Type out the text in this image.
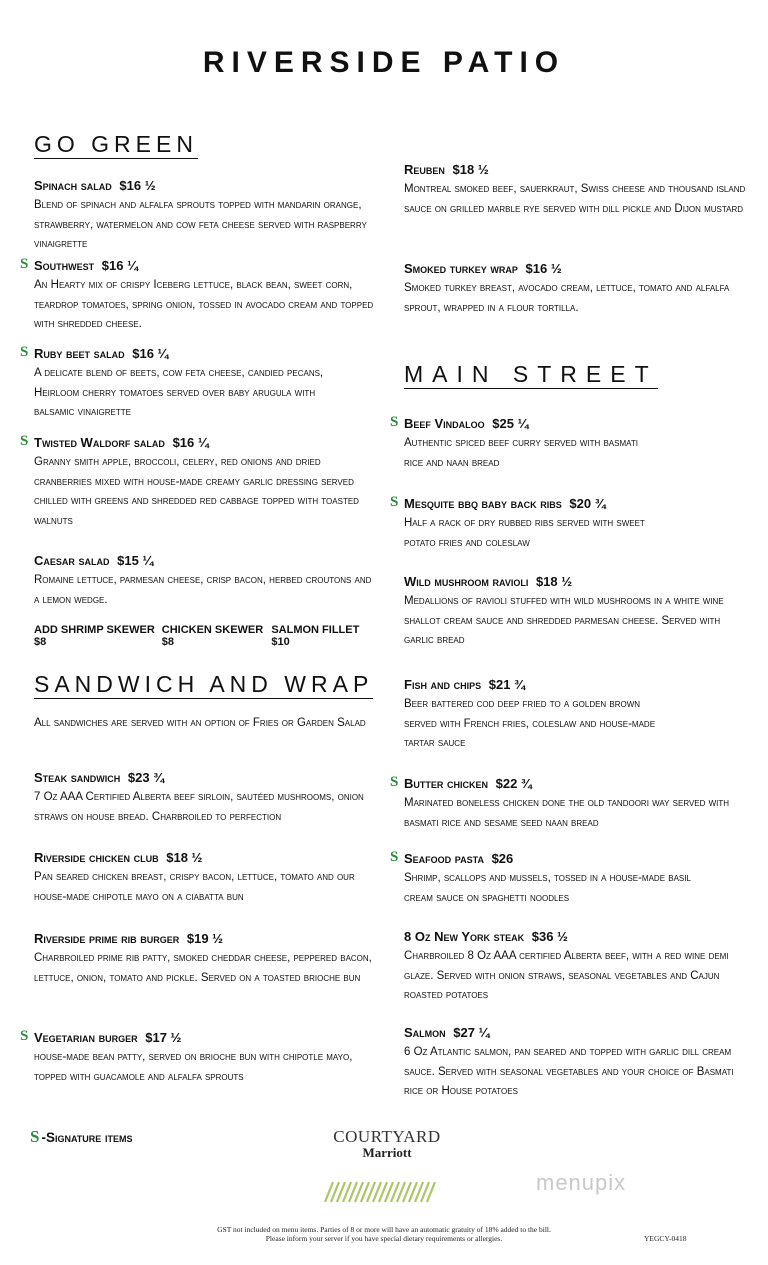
RIVERSIDE PATIO
GO GREEN
Spinach salad $16 ½
Blend of spinach and alfalfa sprouts topped with mandarin orange, strawberry, watermelon and cow feta cheese served with raspberry vinaigrette
S Southwest $16 ¼
An Hearty mix of crispy Iceberg lettuce, black bean, sweet corn, teardrop tomatoes, spring onion, tossed in avocado cream and topped with shredded cheese.
S Ruby beet salad $16 ¼
A delicate blend of beets, cow feta cheese, candied pecans, Heirloom cherry tomatoes served over baby arugula with balsamic vinaigrette
S Twisted Waldorf salad $16 ¼
Granny smith apple, broccoli, celery, red onions and dried cranberries mixed with house-made creamy garlic dressing served chilled with greens and shredded red cabbage topped with toasted walnuts
Caesar salad $15 ¼
Romaine lettuce, parmesan cheese, crisp bacon, herbed croutons and a lemon wedge.
ADD SHRIMP SKEWER $8
CHICKEN SKEWER $8
SALMON FILLET $10
SANDWICH AND WRAP
All sandwiches are served with an option of Fries or Garden Salad
Steak sandwich $23 ¾
7 Oz AAA Certified Alberta beef sirloin, sautéed mushrooms, onion straws on house bread. Charbroiled to perfection
Riverside chicken club $18 ½
Pan seared chicken breast, crispy bacon, lettuce, tomato and our house-made chipotle mayo on a ciabatta bun
Riverside prime rib burger $19 ½
Charbroiled prime rib patty, smoked cheddar cheese, peppered bacon, lettuce, onion, tomato and pickle. Served on a toasted brioche bun
S Vegetarian burger $17 ½
house-made bean patty, served on brioche bun with chipotle mayo, topped with guacamole and alfalfa sprouts
Reuben $18 ½
Montreal smoked beef, sauerkraut, Swiss cheese and thousand island sauce on grilled marble rye served with dill pickle and Dijon mustard
Smoked turkey wrap $16 ½
Smoked turkey breast, avocado cream, lettuce, tomato and alfalfa sprout, wrapped in a flour tortilla.
MAIN STREET
S Beef Vindaloo $25 ¼
Authentic spiced beef curry served with basmati rice and naan bread
S Mesquite bbq baby back ribs $20 ¾
Half a rack of dry rubbed ribs served with sweet potato fries and coleslaw
Wild mushroom ravioli $18 ½
Medallions of ravioli stuffed with wild mushrooms in a white wine shallot cream sauce and shredded parmesan cheese. Served with garlic bread
Fish and chips $21 ¾
Beer battered cod deep fried to a golden brown served with French fries, coleslaw and house-made tartar sauce
S Butter chicken $22 ¾
Marinated boneless chicken done the old tandoori way served with basmati rice and sesame seed naan bread
S Seafood pasta $26
Shrimp, scallops and mussels, tossed in a house-made basil cream sauce on spaghetti noodles
8 Oz New York steak $36 ½
Charbroiled 8 Oz AAA certified Alberta beef, with a red wine demi glaze. Served with onion straws, seasonal vegetables and Cajun roasted potatoes
Salmon $27 ¼
6 Oz Atlantic salmon, pan seared and topped with garlic dill cream sauce. Served with seasonal vegetables and your choice of Basmati rice or House potatoes
S -Signature items	COURTYARD
Marriott
menupix
GST not included on menu items. Parties of 8 or more will have an automatic gratuity of 18% added to the bill.
Please inform your server if you have special dietary requirements or allergies.	YEGCY-0418
